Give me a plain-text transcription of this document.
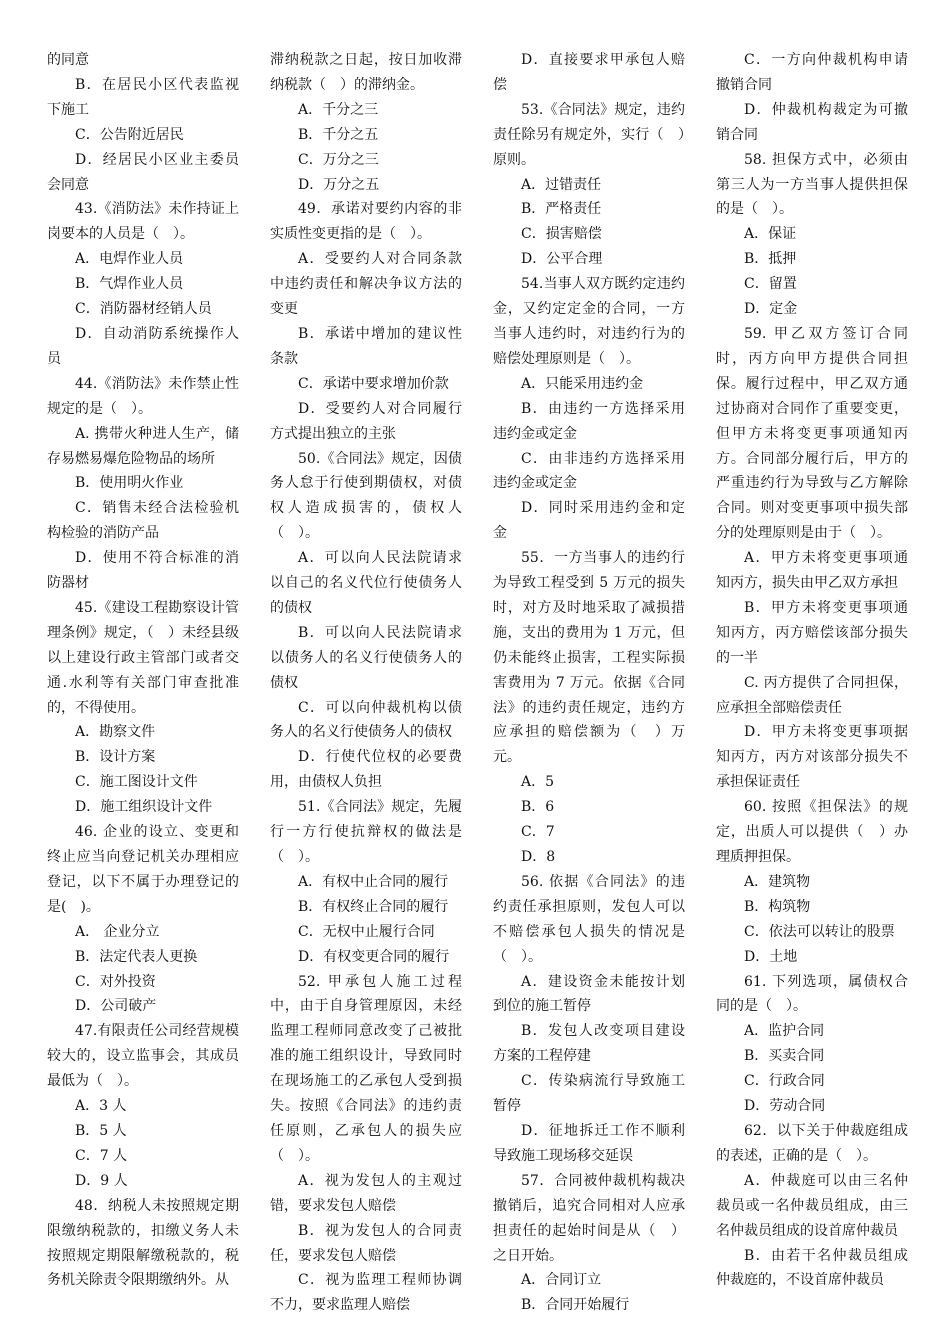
的同意

B．在居民小区代表监视下施工

C．公告附近居民

D．经居民小区业主委员会同意

43.《消防法》未作持证上岗要本的人员是（　）。

A．电焊作业人员

B．气焊作业人员

C．消防器材经销人员

D．自动消防系统操作人员

44.《消防法》未作禁止性规定的是（　）。

A. 携带火种进人生产，储存易燃易爆危险物品的场所

B．使用明火作业

C．销售未经合法检验机构检验的消防产品

D．使用不符合标准的消防器材

45.《建设工程勘察设计管理条例》规定，（　）未经县级以上建设行政主管部门或者交通.水利等有关部门审查批准的，不得使用。

A．勘察文件

B．设计方案

C．施工图设计文件

D．施工组织设计文件

46. 企业的设立、变更和终止应当向登记机关办理相应登记，以下不属于办理登记的是(　)。

A． 企业分立

B．法定代表人更换

C．对外投资

D．公司破产

47.有限责任公司经营规模较大的，设立监事会，其成员最低为（　）。

A．3 人

B．5 人

C．7 人

D．9 人

48．纳税人未按照规定期限缴纳税款的，扣缴义务人未按照规定期限解缴税款的，税务机关除责令限期缴纳外。从

滞纳税款之日起，按日加收滞纳税款（　）的滞纳金。

A．千分之三

B．千分之五

C．万分之三

D．万分之五

49．承诺对要约内容的非实质性变更指的是（　）。

A．受要约人对合同条款中违约责任和解决争议方法的变更

B．承诺中增加的建议性条款

C．承诺中要求增加价款

D．受要约人对合同履行方式提出独立的主张

50.《合同法》规定，因债务人怠于行使到期债权，对债权人造成损害的，债权人（　）。

A．可以向人民法院请求以自己的名义代位行使债务人的债权

B．可以向人民法院请求以债务人的名义行使债务人的债权

C．可以向仲裁机构以债务人的名义行使债务人的债权

D．行使代位权的必要费用，由债权人负担

51.《合同法》规定，先履行一方行使抗辩权的做法是（　）。

A．有权中止合同的履行

B．有权终止合同的履行

C．无权中止履行合同

D．有权变更合同的履行

52. 甲承包人施工过程中，由于自身管理原因，未经监理工程师同意改变了己被批准的施工组织设计，导致同时在现场施工的乙承包人受到损失。按照《合同法》的违约责任原则，乙承包人的损失应（　）。

A．视为发包人的主观过错，要求发包人赔偿

B．视为发包人的合同责任，要求发包人赔偿

C．视为监理工程师协调不力，要求监理人赔偿

D．直接要求甲承包人赔偿

53.《合同法》规定，违约责任除另有规定外，实行（　）原则。

A．过错责任

B．严格责任

C．损害赔偿

D．公平合理

54.当事人双方既约定违约金，又约定定金的合同，一方当事人违约时，对违约行为的赔偿处理原则是（　）。

A．只能采用违约金

B．由违约一方选择采用违约金或定金

C．由非违约方选择采用违约金或定金

D．同时采用违约金和定金

55．一方当事人的违约行为导致工程受到 5 万元的损失时，对方及时地采取了减损措施，支出的费用为 1 万元，但仍未能终止损害，工程实际损害费用为 7 万元。依据《合同法》的违约责任规定，违约方应承担的赔偿额为（　）万元。

A．5

B．6

C．7

D．8

56. 依据《合同法》的违约责任承担原则，发包人可以不赔偿承包人损失的情况是（　）。

A．建设资金未能按计划到位的施工暂停

B．发包人改变项目建设方案的工程停建

C．传染病流行导致施工暂停

D．征地拆迁工作不顺利导致施工现场移交延误

57．合同被仲裁机构裁决撤销后，追究合同相对人应承担责任的起始时间是从（　）之日开始。

A．合同订立

B．合同开始履行

C．一方向仲裁机构申请撤销合同

D．仲裁机构裁定为可撤销合同

58. 担保方式中，必须由第三人为一方当事人提供担保的是（　）。

A．保证

B．抵押

C．留置

D．定金

59. 甲乙双方签订合同时，丙方向甲方提供合同担保。履行过程中，甲乙双方通过协商对合同作了重要变更，但甲方未将变更事项通知丙方。合同部分履行后，甲方的严重违约行为导致与乙方解除合同。则对变更事项中损失部分的处理原则是由于（　）。

A．甲方未将变更事项通知丙方，损失由甲乙双方承担

B．甲方未将变更事项通知丙方，丙方赔偿该部分损失的一半

C. 丙方提供了合同担保，应承担全部赔偿责任

D．甲方未将变更事项据知丙方，丙方对该部分损失不承担保证责任

60. 按照《担保法》的规定，出质人可以提供（　）办理质押担保。

A．建筑物

B．构筑物

C．依法可以转让的股票

D．土地

61. 下列选项，属债权合同的是（　）。

A．监护合同

B．买卖合同

C．行政合同

D．劳动合同

62．以下关于仲裁庭组成的表述，正确的是（　）。

A．仲裁庭可以由三名仲裁员或一名仲裁员组成，由三名仲裁员组成的设首席仲裁员

B．由若干名仲裁员组成仲裁庭的，不设首席仲裁员
